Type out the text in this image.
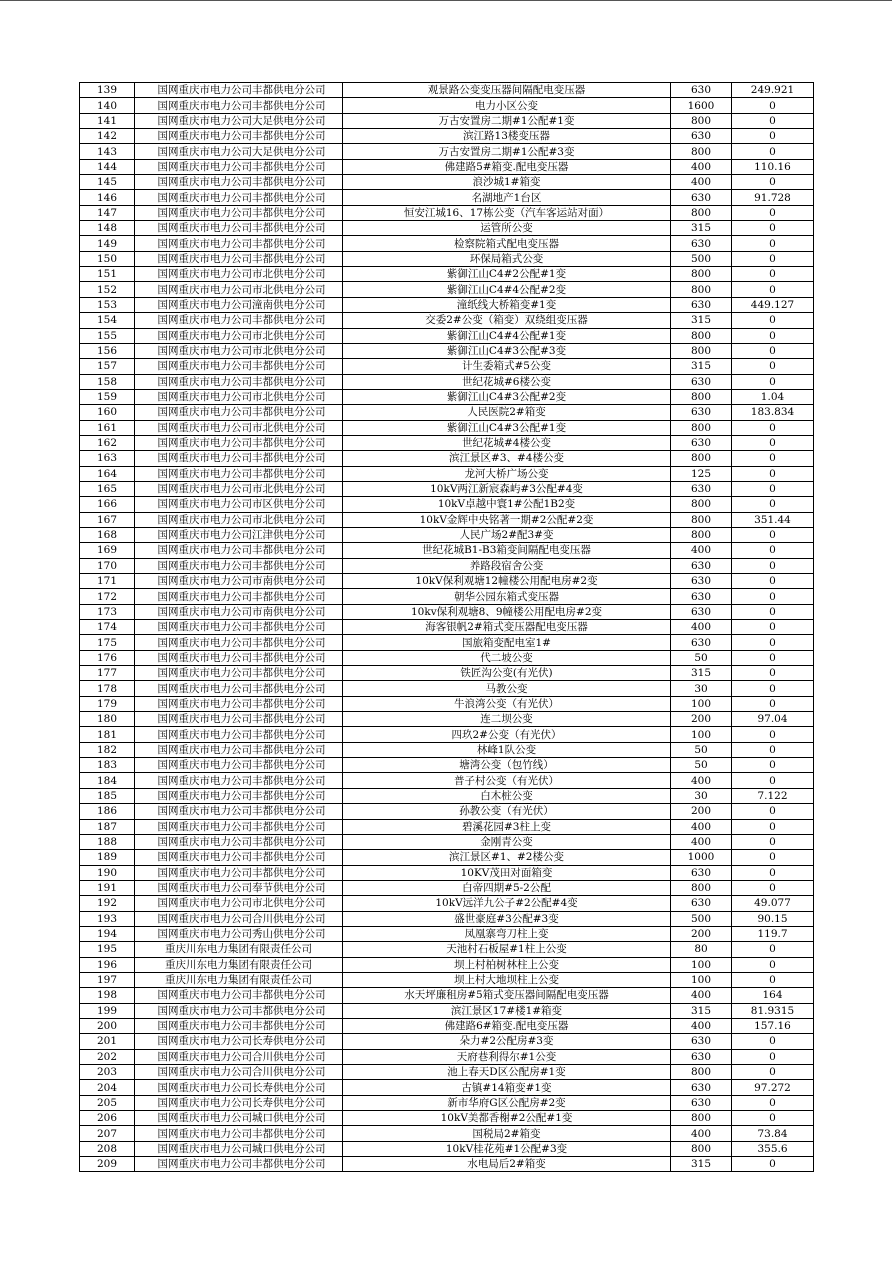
139	国网重庆市电力公司丰都供电分公司	观景路公变变压器间隔配电变压器	630	249.921
140	国网重庆市电力公司丰都供电分公司	电力小区公变	1600	0
141	国网重庆市电力公司大足供电分公司	万古安置房二期#1公配#1变	800	0
142	国网重庆市电力公司丰都供电分公司	滨江路13楼变压器	630	0
143	国网重庆市电力公司大足供电分公司	万古安置房二期#1公配#3变	800	0
144	国网重庆市电力公司丰都供电分公司	佛建路5#箱变.配电变压器	400	110.16
145	国网重庆市电力公司丰都供电分公司	浪沙城1#箱变	400	0
146	国网重庆市电力公司丰都供电分公司	名湖地产1台区	630	91.728
147	国网重庆市电力公司丰都供电分公司	恒安江城16、17栋公变（汽车客运站对面）	800	0
148	国网重庆市电力公司丰都供电分公司	运管所公变	315	0
149	国网重庆市电力公司丰都供电分公司	检察院箱式配电变压器	630	0
150	国网重庆市电力公司丰都供电分公司	环保局箱式公变	500	0
151	国网重庆市电力公司市北供电分公司	紫御江山C4#2公配#1变	800	0
152	国网重庆市电力公司市北供电分公司	紫御江山C4#4公配#2变	800	0
153	国网重庆市电力公司潼南供电分公司	潼纸线大桥箱变#1变	630	449.127
154	国网重庆市电力公司丰都供电分公司	交委2#公变（箱变）双绕组变压器	315	0
155	国网重庆市电力公司市北供电分公司	紫御江山C4#4公配#1变	800	0
156	国网重庆市电力公司市北供电分公司	紫御江山C4#3公配#3变	800	0
157	国网重庆市电力公司丰都供电分公司	计生委箱式#5公变	315	0
158	国网重庆市电力公司丰都供电分公司	世纪花城#6楼公变	630	0
159	国网重庆市电力公司市北供电分公司	紫御江山C4#3公配#2变	800	1.04
160	国网重庆市电力公司丰都供电分公司	人民医院2#箱变	630	183.834
161	国网重庆市电力公司市北供电分公司	紫御江山C4#3公配#1变	800	0
162	国网重庆市电力公司丰都供电分公司	世纪花城#4楼公变	630	0
163	国网重庆市电力公司丰都供电分公司	滨江景区#3、#4楼公变	800	0
164	国网重庆市电力公司丰都供电分公司	龙河大桥广场公变	125	0
165	国网重庆市电力公司市北供电分公司	10kV两江新宸森屿#3公配#4变	630	0
166	国网重庆市电力公司市区供电分公司	10kV卓越中寰1#公配1B2变	800	0
167	国网重庆市电力公司市北供电分公司	10kV金辉中央铭著一期#2公配#2变	800	351.44
168	国网重庆市电力公司江津供电分公司	人民广场2#配3#变	800	0
169	国网重庆市电力公司丰都供电分公司	世纪花城B1-B3箱变间隔配电变压器	400	0
170	国网重庆市电力公司丰都供电分公司	养路段宿舍公变	630	0
171	国网重庆市电力公司市南供电分公司	10kV保利观塘12幢楼公用配电房#2变	630	0
172	国网重庆市电力公司丰都供电分公司	朝华公园东箱式变压器	630	0
173	国网重庆市电力公司市南供电分公司	10kv保利观塘8、9幢楼公用配电房#2变	630	0
174	国网重庆市电力公司丰都供电分公司	海客银帆2#箱式变压器配电变压器	400	0
175	国网重庆市电力公司丰都供电分公司	国旅箱变配电室1#	630	0
176	国网重庆市电力公司丰都供电分公司	代二坡公变	50	0
177	国网重庆市电力公司丰都供电分公司	铁匠沟公变(有光伏)	315	0
178	国网重庆市电力公司丰都供电分公司	马教公变	30	0
179	国网重庆市电力公司丰都供电分公司	牛浪湾公变（有光伏）	100	0
180	国网重庆市电力公司丰都供电分公司	连二坝公变	200	97.04
181	国网重庆市电力公司丰都供电分公司	四玖2#公变（有光伏）	100	0
182	国网重庆市电力公司丰都供电分公司	林峰1队公变	50	0
183	国网重庆市电力公司丰都供电分公司	塘湾公变（包竹线）	50	0
184	国网重庆市电力公司丰都供电分公司	普子村公变（有光伏）	400	0
185	国网重庆市电力公司丰都供电分公司	白木桩公变	30	7.122
186	国网重庆市电力公司丰都供电分公司	孙教公变（有光伏）	200	0
187	国网重庆市电力公司丰都供电分公司	碧溪花园#3柱上变	400	0
188	国网重庆市电力公司丰都供电分公司	金刚青公变	400	0
189	国网重庆市电力公司丰都供电分公司	滨江景区#1、#2楼公变	1000	0
190	国网重庆市电力公司丰都供电分公司	10KV茂田对面箱变	630	0
191	国网重庆市电力公司奉节供电分公司	白帝四期#5-2公配	800	0
192	国网重庆市电力公司市北供电分公司	10kV远洋九公子#2公配#4变	630	49.077
193	国网重庆市电力公司合川供电分公司	盛世豪庭#3公配#3变	500	90.15
194	国网重庆市电力公司秀山供电分公司	凤凰寨弯刀柱上变	200	119.7
195	重庆川东电力集团有限责任公司	天池村石板屋#1柱上公变	80	0
196	重庆川东电力集团有限责任公司	坝上村柏树林柱上公变	100	0
197	重庆川东电力集团有限责任公司	坝上村大地坝柱上公变	100	0
198	国网重庆市电力公司丰都供电分公司	水天坪廉租房#5箱式变压器间隔配电变压器	400	164
199	国网重庆市电力公司丰都供电分公司	滨江景区17#楼1#箱变	315	81.9315
200	国网重庆市电力公司丰都供电分公司	佛建路6#箱变.配电变压器	400	157.16
201	国网重庆市电力公司长寿供电分公司	朵力#2公配房#3变	630	0
202	国网重庆市电力公司合川供电分公司	天府巷利得尔#1公变	630	0
203	国网重庆市电力公司合川供电分公司	池上春天D区公配房#1变	800	0
204	国网重庆市电力公司长寿供电分公司	古镇#14箱变#1变	630	97.272
205	国网重庆市电力公司长寿供电分公司	新市华府G区公配房#2变	630	0
206	国网重庆市电力公司城口供电分公司	10kV美都香榭#2公配#1变	800	0
207	国网重庆市电力公司丰都供电分公司	国税局2#箱变	400	73.84
208	国网重庆市电力公司城口供电分公司	10kV桂花苑#1公配#3变	800	355.6
209	国网重庆市电力公司丰都供电分公司	水电局后2#箱变	315	0
